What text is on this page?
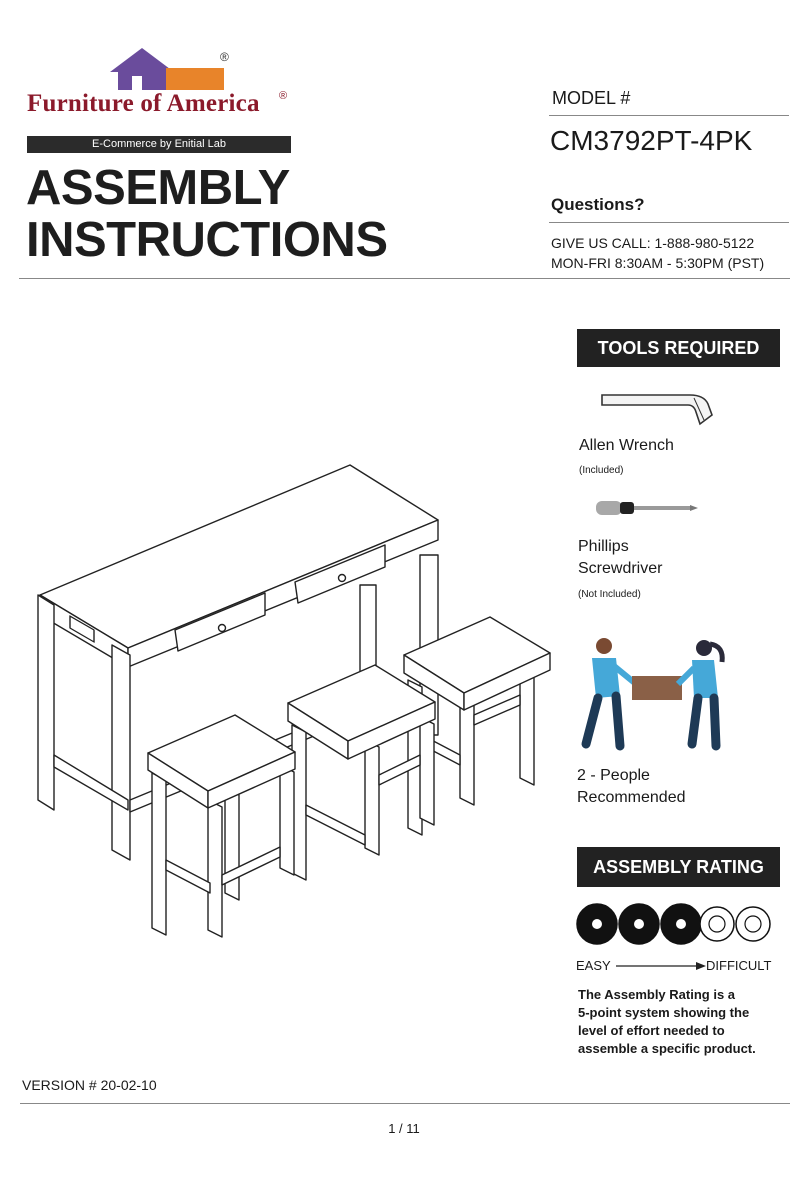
®
Furniture of America ®
E-Commerce by Enitial Lab
ASSEMBLY
INSTRUCTIONS
MODEL #
CM3792PT-4PK
Questions?
GIVE US CALL: 1-888-980-5122
MON-FRI 8:30AM - 5:30PM (PST)
TOOLS REQUIRED
Allen Wrench
(Included)
Phillips
Screwdriver
(Not Included)
2 - People
Recommended
ASSEMBLY RATING
EASY	DIFFICULT
The Assembly Rating is a
5-point system showing the
level of effort needed to
assemble a specific product.
VERSION # 20-02-10
1 / 11
